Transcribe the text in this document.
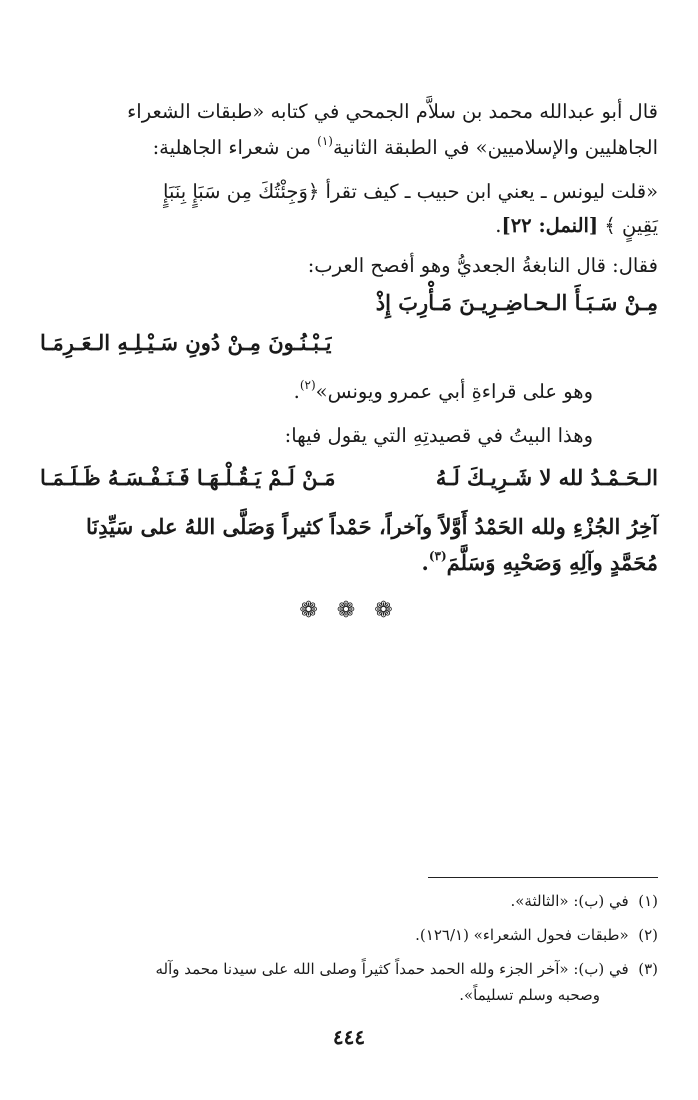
قال أبو عبدالله محمد بن سلاَّم الجمحي في كتابه «طبقات الشعراء
الجاهليين والإسلاميين» في الطبقة الثانية$^{(١)}$ من شعراء الجاهلية:
«قلت ليونس ـ يعني ابن حبيب ـ كيف تقرأ ﴿وَجِئْتُكَ مِن سَبَإٍ بِنَبَإٍ
يَقِينٍ ﴾ [النمل: ٢٢].
فقال: قال النابغةُ الجعديُّ وهو أفصح العرب:
مِـنْ سَـبَـأَ الـحـاضِـرِيـنَ مَـأْرِبَ إِذْ
يَـبْـنُـونَ مِـنْ دُونِ سَـيْـلِـهِ الـعَـرِمَـا
وهو على قراءةِ أبي عمرو ويونس»$^{(٢)}$.
وهذا البيتُ في قصيدتِهِ التي يقول فيها:
الـحَـمْـدُ لله لا شَـرِيـكَ لَـهُ
مَـنْ لَـمْ يَـقُـلْـهَـا فَـنَـفْـسَـهُ ظَـلَـمَـا
آخِرُ الجُزْءِ ولله الحَمْدُ أَوَّلاً وآخراً، حَمْداً كثيراً وَصَلَّى اللهُ على سَيِّدِنَا
مُحَمَّدٍ وآلِهِ وَصَحْبِهِ وَسَلَّمَ$^{(٣)}$.
❁ ❁ ❁
(١)  في (ب): «الثالثة».
(٢)  «طبقات فحول الشعراء» (١٢٦/١).
(٣)  في (ب): «آخر الجزء ولله الحمد حمداً كثيراً وصلى الله على سيدنا محمد وآله
وصحبه وسلم تسليماً».
٤٤٤
